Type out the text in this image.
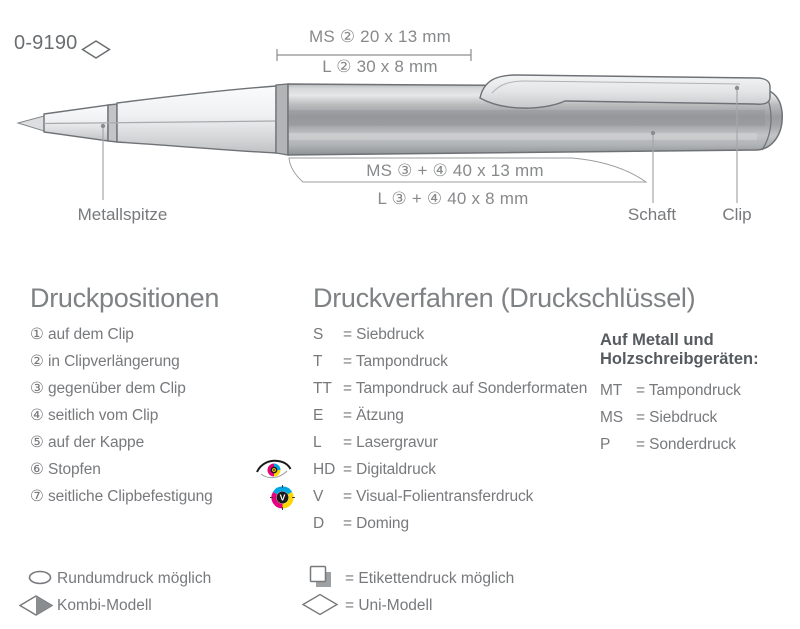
0-9190	MS ② 20 x 13 mm
L ② 30 x 8 mm
MS ③ + ④ 40 x 13 mm
L ③ + ④ 40 x 8 mm
Metallspitze	Schaft	Clip
Druckpositionen
① auf dem Clip
② in Clipverlängerung
③ gegenüber dem Clip
④ seitlich vom Clip
⑤ auf der Kappe
⑥ Stopfen
⑦ seitliche Clipbefestigung
Druckverfahren (Druckschlüssel)
S	= Siebdruck
T	= Tampondruck
TT = Tampondruck auf Sonderformaten
E	= Ätzung
L	= Lasergravur
HD = Digitaldruck
V	= Visual-Folientransferdruck
D	= Doming
V
Auf Metall und
Holzschreibgeräten:
MT = Tampondruck
MS = Siebdruck
P	= Sonderdruck
Rundumdruck möglich
Kombi-Modell
= Etikettendruck möglich
= Uni-Modell
